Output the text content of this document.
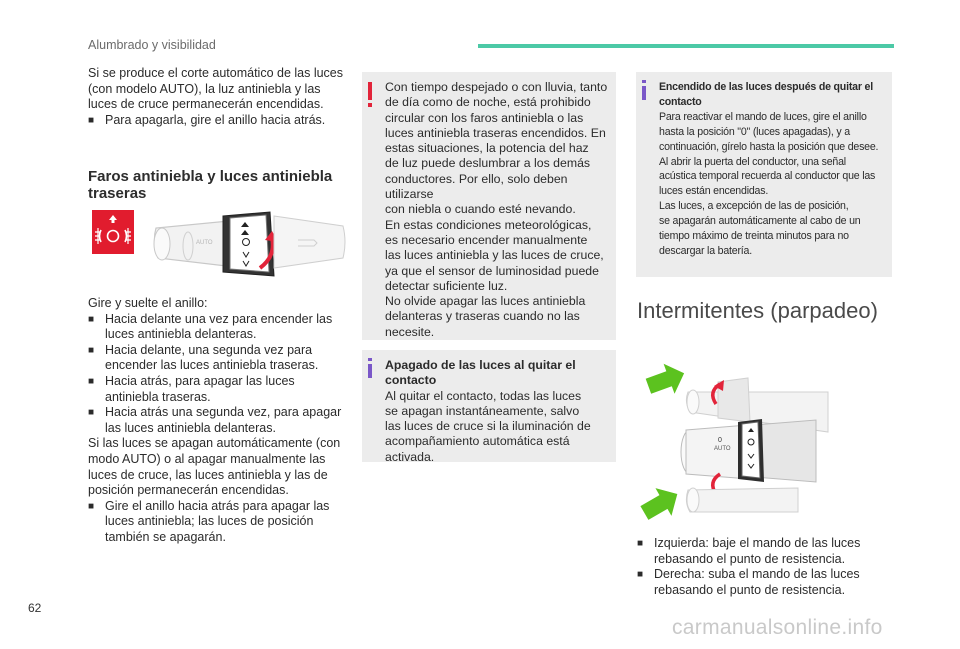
Alumbrado y visibilidad
Si se produce el corte automático de las luces
(con modelo AUTO), la luz antiniebla y las
luces de cruce permanecerán encendidas.
■ Para apagarla, gire el anillo hacia atrás.
Faros antiniebla y luces antiniebla
traseras
AUTO
Gire y suelte el anillo:
■ Hacia delante una vez para encender las
luces antiniebla delanteras.
■ Hacia delante, una segunda vez para
encender las luces antiniebla traseras.
■ Hacia atrás, para apagar las luces
antiniebla traseras.
■ Hacia atrás una segunda vez, para apagar
las luces antiniebla delanteras.
Si las luces se apagan automáticamente (con
modo AUTO) o al apagar manualmente las
luces de cruce, las luces antiniebla y las de
posición permanecerán encendidas.
■ Gire el anillo hacia atrás para apagar las
luces antiniebla; las luces de posición
también se apagarán.
Con tiempo despejado o con lluvia, tanto
de día como de noche, está prohibido
circular con los faros antiniebla o las
luces antiniebla traseras encendidos. En
estas situaciones, la potencia del haz
de luz puede deslumbrar a los demás
conductores. Por ello, solo deben utilizarse
con niebla o cuando esté nevando.
En estas condiciones meteorológicas,
es necesario encender manualmente
las luces antiniebla y las luces de cruce,
ya que el sensor de luminosidad puede
detectar suficiente luz.
No olvide apagar las luces antiniebla
delanteras y traseras cuando no las
necesite.
Apagado de las luces al quitar el
contacto
Al quitar el contacto, todas las luces
se apagan instantáneamente, salvo
las luces de cruce si la iluminación de
acompañamiento automática está activada.
Encendido de las luces después de quitar el
contacto
Para reactivar el mando de luces, gire el anillo
hasta la posición "0" (luces apagadas), y a
continuación, gírelo hasta la posición que desee.
Al abrir la puerta del conductor, una señal
acústica temporal recuerda al conductor que las
luces están encendidas.
Las luces, a excepción de las de posición,
se apagarán automáticamente al cabo de un
tiempo máximo de treinta minutos para no
descargar la batería.
Intermitentes (parpadeo)
AUTO
0
■ Izquierda: baje el mando de las luces
rebasando el punto de resistencia.
■ Derecha: suba el mando de las luces
rebasando el punto de resistencia.
62
carmanualsonline.info
